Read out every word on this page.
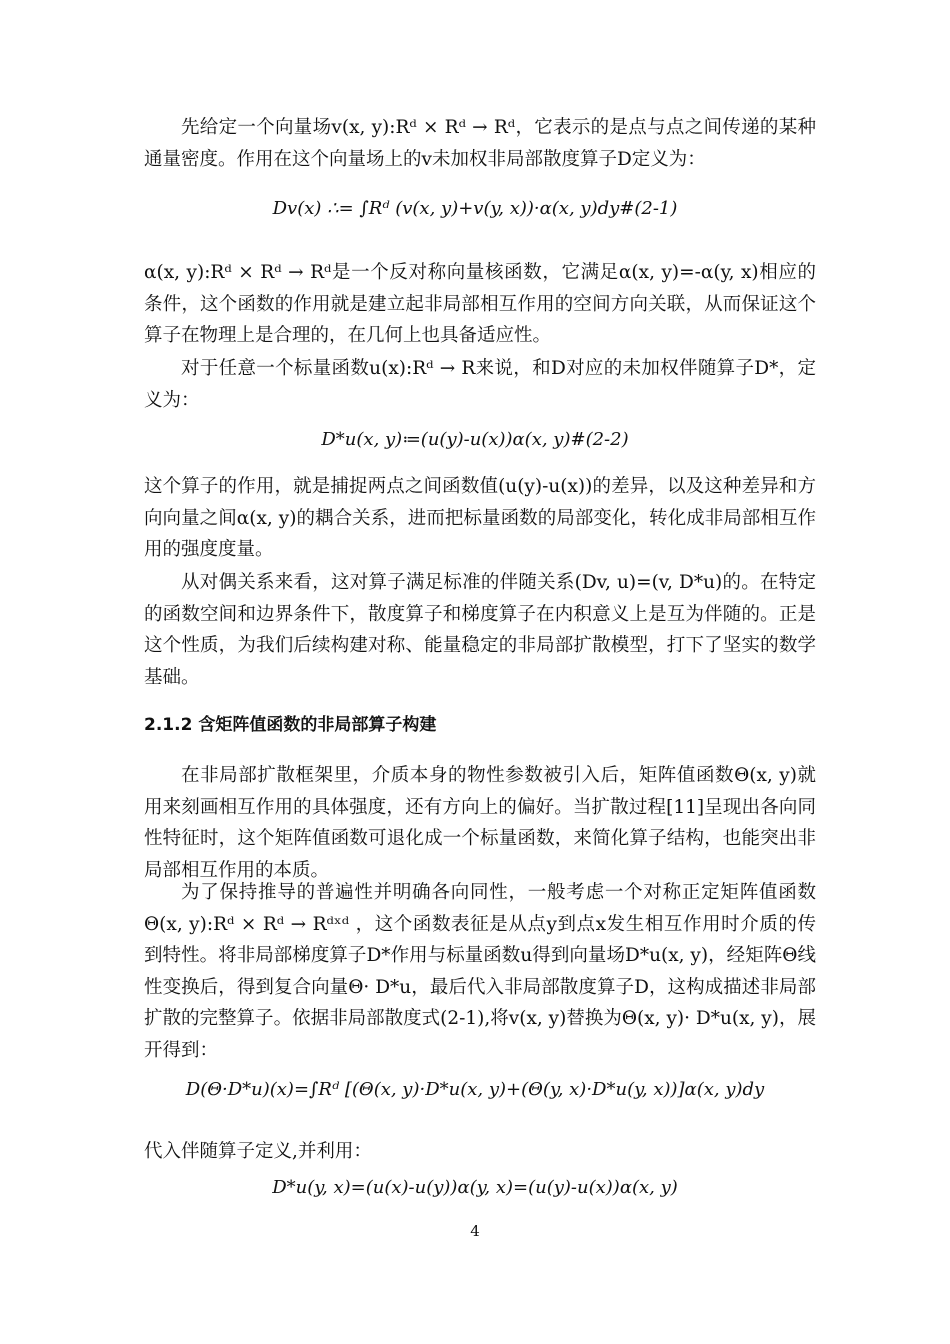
先给定一个向量场v(x, y):Rᵈ × Rᵈ → Rᵈ，它表示的是点与点之间传递的某种通量密度。作用在这个向量场上的v未加权非局部散度算子D定义为：

Dv(x) ∴= ∫Rᵈ (v(x, y)+v(y, x))·α(x, y)dy#(2-1)

α(x, y):Rᵈ × Rᵈ → Rᵈ是一个反对称向量核函数，它满足α(x, y)=-α(y, x)相应的条件，这个函数的作用就是建立起非局部相互作用的空间方向关联，从而保证这个算子在物理上是合理的，在几何上也具备适应性。

对于任意一个标量函数u(x):Rᵈ → R来说，和D对应的未加权伴随算子D*，定义为：

D*u(x, y)≔(u(y)-u(x))α(x, y)#(2-2)

这个算子的作用，就是捕捉两点之间函数值(u(y)-u(x))的差异，以及这种差异和方向向量之间α(x, y)的耦合关系，进而把标量函数的局部变化，转化成非局部相互作用的强度度量。

从对偶关系来看，这对算子满足标准的伴随关系(Dv, u)=(v, D*u)的。在特定的函数空间和边界条件下，散度算子和梯度算子在内积意义上是互为伴随的。正是这个性质，为我们后续构建对称、能量稳定的非局部扩散模型，打下了坚实的数学基础。

2.1.2 含矩阵值函数的非局部算子构建

在非局部扩散框架里，介质本身的物性参数被引入后，矩阵值函数Θ(x, y)就用来刻画相互作用的具体强度，还有方向上的偏好。当扩散过程[11]呈现出各向同性特征时，这个矩阵值函数可退化成一个标量函数，来简化算子结构，也能突出非局部相互作用的本质。

为了保持推导的普遍性并明确各向同性，一般考虑一个对称正定矩阵值函数 Θ(x, y):Rᵈ × Rᵈ → Rᵈˣᵈ ，这个函数表征是从点y到点x发生相互作用时介质的传到特性。将非局部梯度算子D*作用与标量函数u得到向量场D*u(x, y)，经矩阵Θ线性变换后，得到复合向量Θ· D*u，最后代入非局部散度算子D，这构成描述非局部扩散的完整算子。依据非局部散度式(2-1),将v(x, y)替换为Θ(x, y)· D*u(x, y)，展开得到：

D(Θ·D*u)(x)=∫Rᵈ [(Θ(x, y)·D*u(x, y)+(Θ(y, x)·D*u(y, x))]α(x, y)dy

代入伴随算子定义,并利用：

D*u(y, x)=(u(x)-u(y))α(y, x)=(u(y)-u(x))α(x, y)
4
